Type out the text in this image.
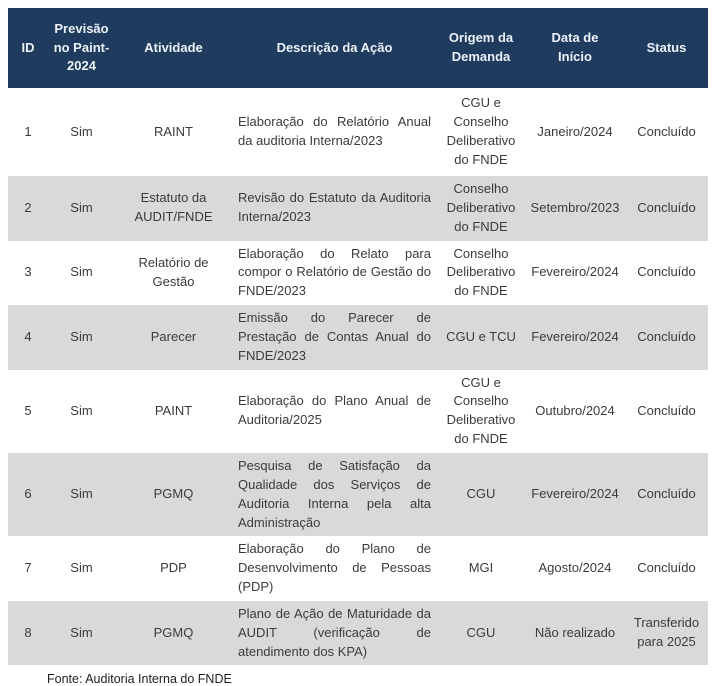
ID	Previsão no Paint-2024	Atividade	Descrição da Ação	Origem da Demanda	Data de Início	Status
1	Sim	RAINT	Elaboração do Relatório Anual da auditoria Interna/2023	CGU e Conselho Deliberativo do FNDE	Janeiro/2024	Concluído
2	Sim	Estatuto da AUDIT/FNDE	Revisão do Estatuto da Auditoria Interna/2023	Conselho Deliberativo do FNDE	Setembro/2023	Concluído
3	Sim	Relatório de Gestão	Elaboração do Relato para compor o Relatório de Gestão do FNDE/2023	Conselho Deliberativo do FNDE	Fevereiro/2024	Concluído
4	Sim	Parecer	Emissão do Parecer de Prestação de Contas Anual do FNDE/2023	CGU e TCU	Fevereiro/2024	Concluído
5	Sim	PAINT	Elaboração do Plano Anual de Auditoria/2025	CGU e Conselho Deliberativo do FNDE	Outubro/2024	Concluído
6	Sim	PGMQ	Pesquisa de Satisfação da Qualidade dos Serviços de Auditoria Interna pela alta Administração	CGU	Fevereiro/2024	Concluído
7	Sim	PDP	Elaboração do Plano de Desenvolvimento de Pessoas (PDP)	MGI	Agosto/2024	Concluído
8	Sim	PGMQ	Plano de Ação de Maturidade da AUDIT (verificação de atendimento dos KPA)	CGU	Não realizado	Transferido para 2025
Fonte: Auditoria Interna do FNDE
